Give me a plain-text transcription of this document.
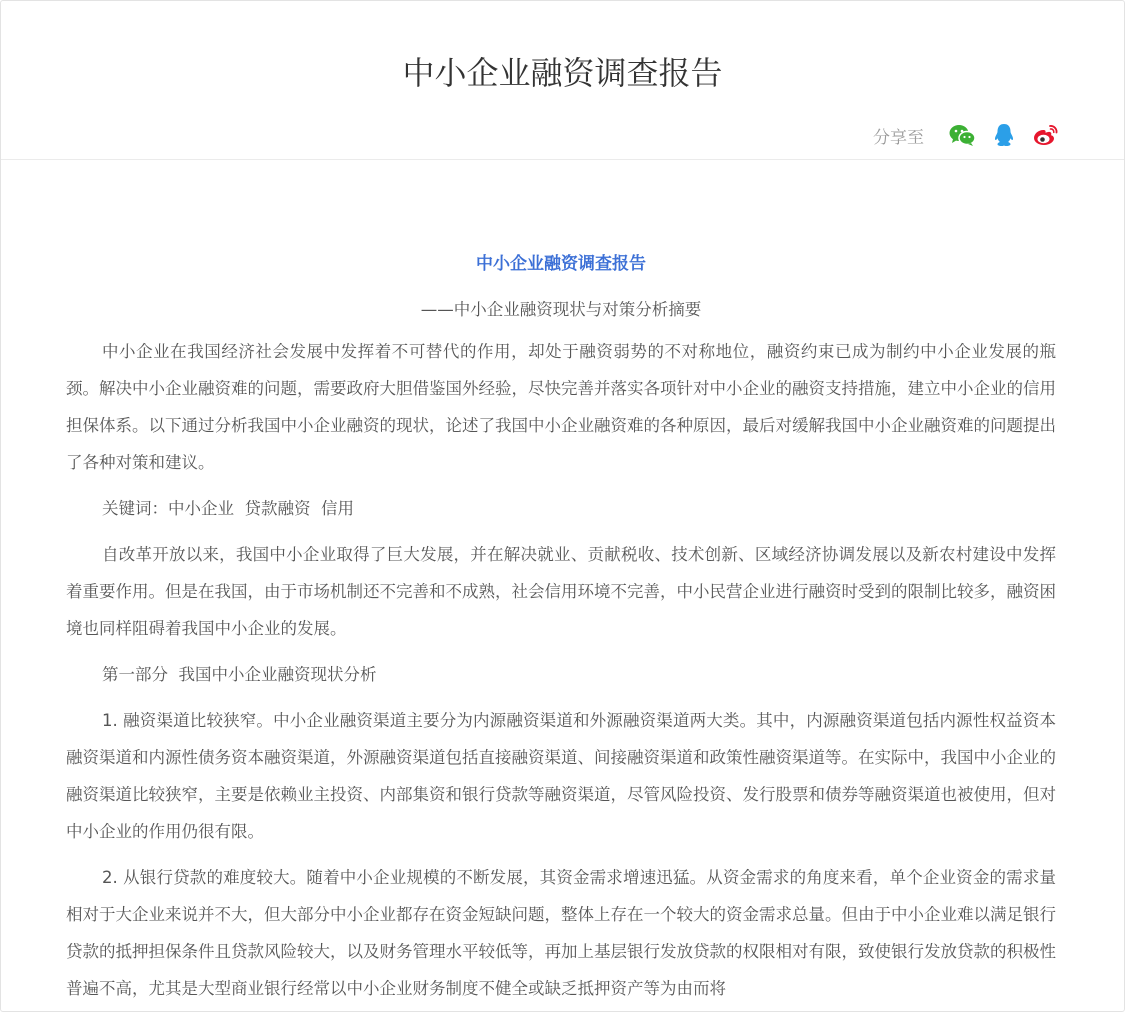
中小企业融资调查报告
分享至

中小企业融资调查报告

——中小企业融资现状与对策分析摘要

中小企业在我国经济社会发展中发挥着不可替代的作用，却处于融资弱势的不对称地位，融资约束已成为制约中小企业发展的瓶颈。解决中小企业融资难的问题，需要政府大胆借鉴国外经验，尽快完善并落实各项针对中小企业的融资支持措施，建立中小企业的信用担保体系。以下通过分析我国中小企业融资的现状，论述了我国中小企业融资难的各种原因，最后对缓解我国中小企业融资难的问题提出了各种对策和建议。

关键词：中小企业  贷款融资  信用

自改革开放以来，我国中小企业取得了巨大发展，并在解决就业、贡献税收、技术创新、区域经济协调发展以及新农村建设中发挥着重要作用。但是在我国，由于市场机制还不完善和不成熟，社会信用环境不完善，中小民营企业进行融资时受到的限制比较多，融资困境也同样阻碍着我国中小企业的发展。

第一部分  我国中小企业融资现状分析

1. 融资渠道比较狭窄。中小企业融资渠道主要分为内源融资渠道和外源融资渠道两大类。其中，内源融资渠道包括内源性权益资本融资渠道和内源性债务资本融资渠道，外源融资渠道包括直接融资渠道、间接融资渠道和政策性融资渠道等。在实际中，我国中小企业的融资渠道比较狭窄，主要是依赖业主投资、内部集资和银行贷款等融资渠道，尽管风险投资、发行股票和债券等融资渠道也被使用，但对中小企业的作用仍很有限。

2. 从银行贷款的难度较大。随着中小企业规模的不断发展，其资金需求增速迅猛。从资金需求的角度来看，单个企业资金的需求量相对于大企业来说并不大，但大部分中小企业都存在资金短缺问题，整体上存在一个较大的资金需求总量。但由于中小企业难以满足银行贷款的抵押担保条件且贷款风险较大，以及财务管理水平较低等，再加上基层银行发放贷款的权限相对有限，致使银行发放贷款的积极性普遍不高，尤其是大型商业银行经常以中小企业财务制度不健全或缺乏抵押资产等为由而将
